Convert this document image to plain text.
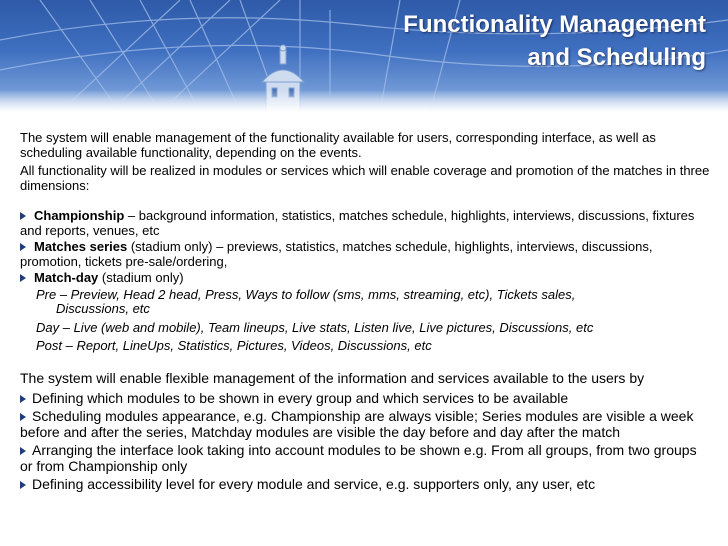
Functionality Management
and Scheduling

The system will enable management of the functionality available for users, corresponding interface, as well as scheduling available functionality, depending on the events.

All functionality will be realized in modules or services which will enable coverage and promotion of the matches in three dimensions:

Championship – background information, statistics, matches schedule, highlights, interviews, discussions, fixtures and reports, venues, etc
Matches series (stadium only) – previews, statistics, matches schedule, highlights, interviews, discussions, promotion, tickets pre-sale/ordering,
Match-day (stadium only)
Pre – Preview, Head 2 head, Press, Ways to follow (sms, mms, streaming, etc), Tickets sales,
Discussions, etc
Day – Live (web and mobile), Team lineups, Live stats, Listen live, Live pictures, Discussions, etc
Post – Report, LineUps, Statistics, Pictures, Videos, Discussions, etc

The system will enable flexible management of the information and services available to the users by

Defining which modules to be shown in every group and which services to be available
Scheduling modules appearance, e.g. Championship are always visible; Series modules are visible a week before and after the series, Matchday modules are visible the day before and day after the match
Arranging the interface look taking into account modules to be shown e.g. From all groups, from two groups or from Championship only
Defining accessibility level for every module and service, e.g. supporters only, any user, etc
